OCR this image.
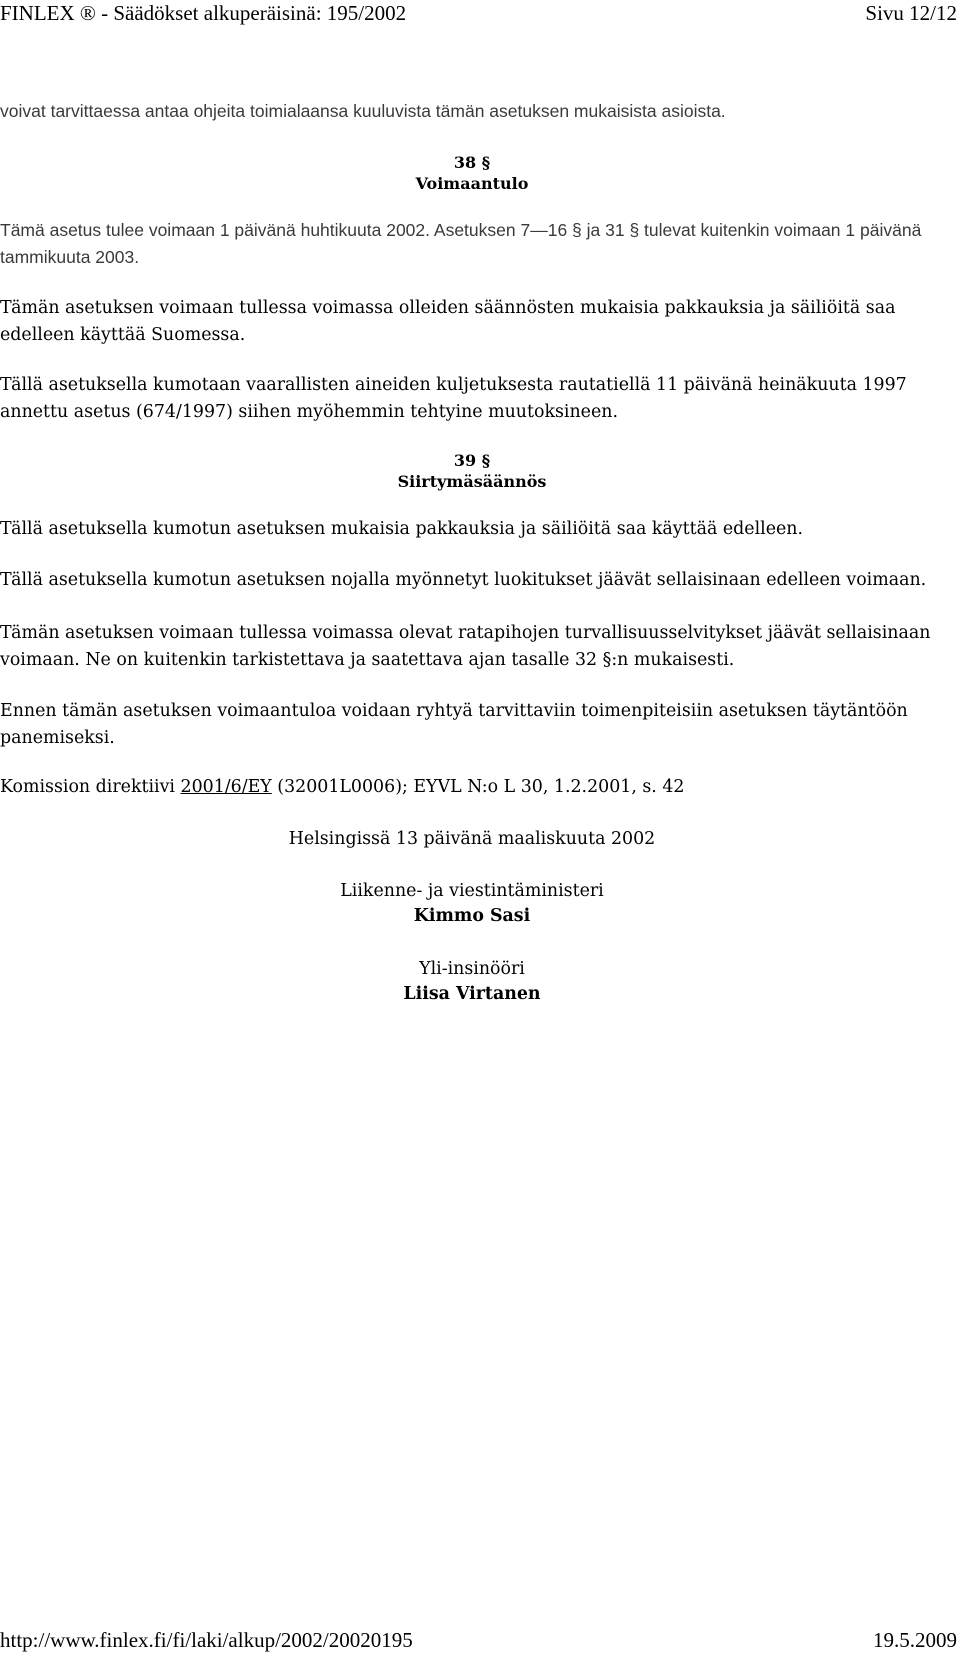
FINLEX ® - Säädökset alkuperäisinä: 195/2002	Sivu 12/12

voivat tarvittaessa antaa ohjeita toimialaansa kuuluvista tämän asetuksen mukaisista asioista.

38 §
Voimaantulo

Tämä asetus tulee voimaan 1 päivänä huhtikuuta 2002. Asetuksen 7—16 § ja 31 § tulevat kuitenkin voimaan 1 päivänä tammikuuta 2003.

Tämän asetuksen voimaan tullessa voimassa olleiden säännösten mukaisia pakkauksia ja säiliöitä saa edelleen käyttää Suomessa.

Tällä asetuksella kumotaan vaarallisten aineiden kuljetuksesta rautatiellä 11 päivänä heinäkuuta 1997 annettu asetus (674/1997) siihen myöhemmin tehtyine muutoksineen.

39 §
Siirtymäsäännös

Tällä asetuksella kumotun asetuksen mukaisia pakkauksia ja säiliöitä saa käyttää edelleen.

Tällä asetuksella kumotun asetuksen nojalla myönnetyt luokitukset jäävät sellaisinaan edelleen voimaan.

Tämän asetuksen voimaan tullessa voimassa olevat ratapihojen turvallisuusselvitykset jäävät sellaisinaan voimaan. Ne on kuitenkin tarkistettava ja saatettava ajan tasalle 32 §:n mukaisesti.

Ennen tämän asetuksen voimaantuloa voidaan ryhtyä tarvittaviin toimenpiteisiin asetuksen täytäntöön panemiseksi.

Komission direktiivi 2001/6/EY (32001L0006); EYVL N:o L 30, 1.2.2001, s. 42

Helsingissä 13 päivänä maaliskuuta 2002

Liikenne- ja viestintäministeri

Kimmo Sasi

Yli-insinööri

Liisa Virtanen

http://www.finlex.fi/fi/laki/alkup/2002/20020195	19.5.2009
